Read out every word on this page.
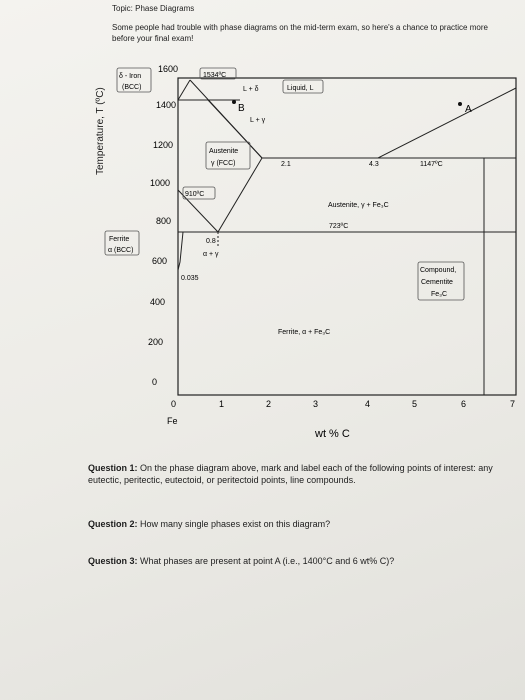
Topic: Phase Diagrams
Some people had trouble with phase diagrams on the mid-term exam, so here's a chance to practice more before your final exam!
Temperature, T (ºC)
1600
1400
1200
1000
800
600
400
200
0
0	1	2	3	4	5	6	7
Fe
wt % C
δ - Iron
(BCC)
1534ºC
L + δ	Liquid, L
B	A
L + γ
Austenite
γ (FCC)	2.1	4.3	1147ºC
910ºC
Austenite, γ + Fe₃C
723ºC
Ferrite
α (BCC)
0.8
α + γ
0.035
Compound,
Cementite
Fe₃C
Ferrite, α + Fe₃C
Question 1: On the phase diagram above, mark and label each of the following points of interest: any eutectic, peritectic, eutectoid, or peritectoid points, line compounds.
Question 2: How many single phases exist on this diagram?
Question 3: What phases are present at point A (i.e., 1400°C and 6 wt% C)?
